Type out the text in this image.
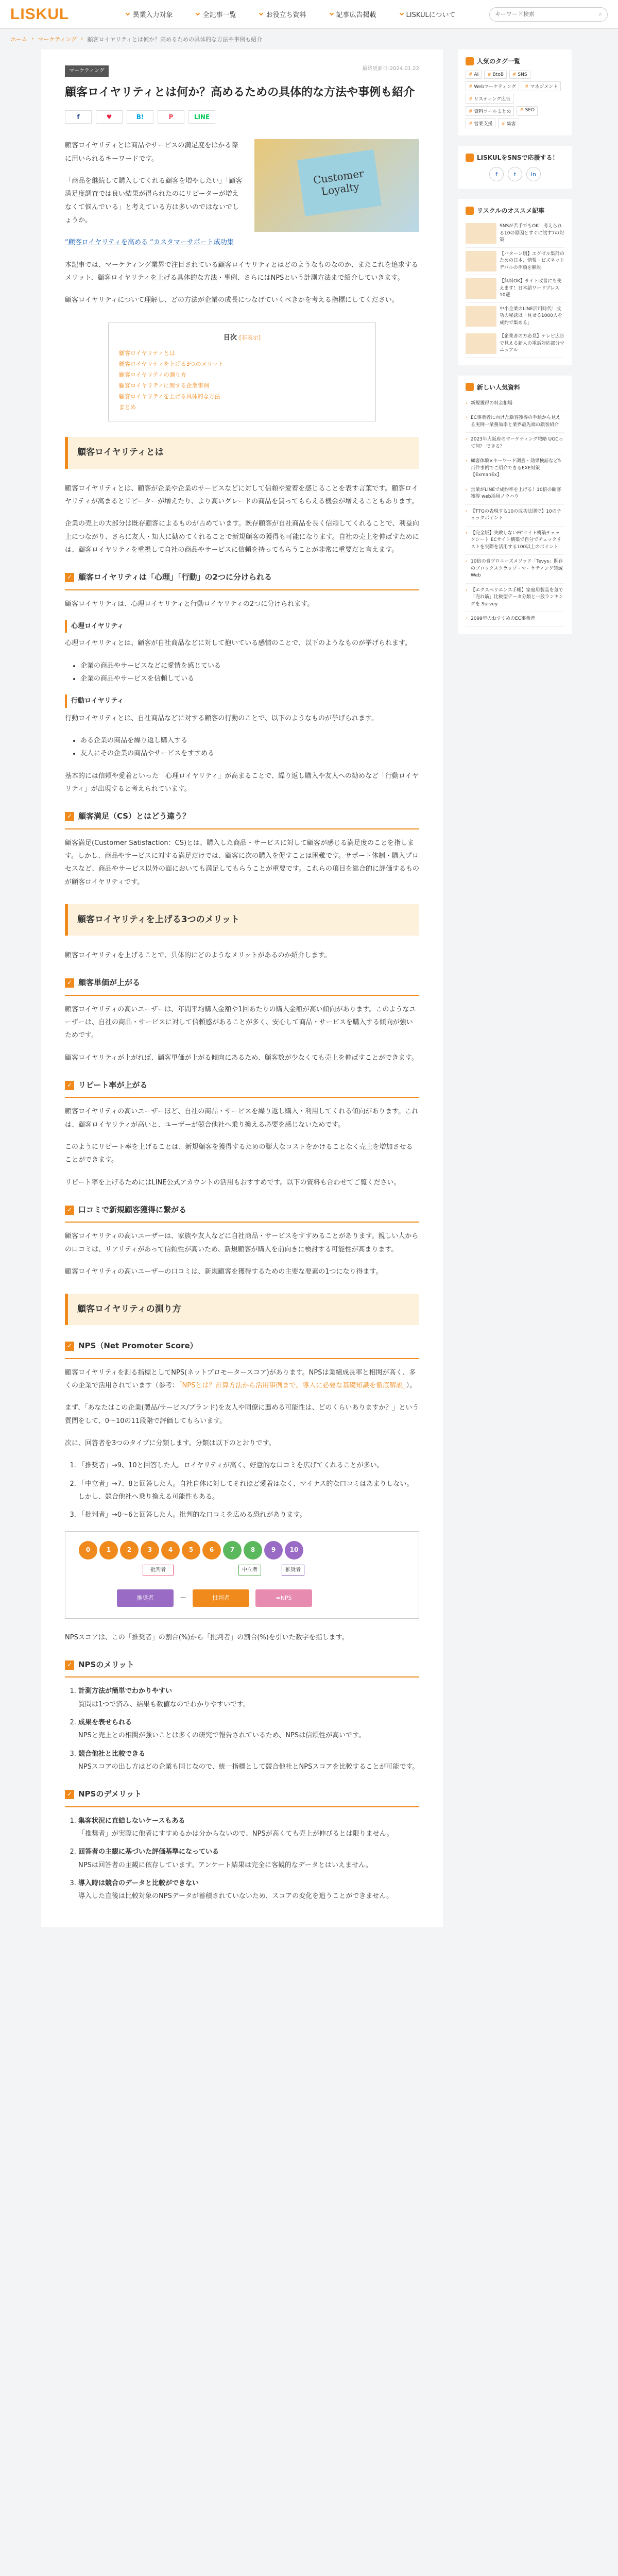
LISKUL	異業入力対象	全記事一覧	お役立ち資料	記事広告掲載	LISKULについて
キーワード検索	⌕
ホーム › マーケティング › 顧客ロイヤリティとは何か？高めるための具体的な方法や事例も紹介
マーケティング	最終更新日:2024.01.22
顧客ロイヤリティとは何か？高めるための具体的な方法や事例も紹介
f	♥	B!	P	LINE

顧客ロイヤリティとは商品やサービスの満足度をはかる際に用いられるキーワードです。

「商品を継続して購入してくれる顧客を増やしたい」「顧客満足度調査では良い結果が得られたのにリピーターが増えなくて悩んでいる」と考えている方は多いのではないでしょうか。

Customer Loyalty

“顧客ロイヤリティを高める “カスタマーサポート成功集

本記事では、マーケティング業界で注目されている顧客ロイヤリティとはどのようなものなのか、またこれを追求するメリット、顧客ロイヤリティを上げる具体的な方法・事例、さらにはNPSという計測方法まで紹介していきます。

顧客ロイヤリティについて理解し、どの方法が企業の成長につなげていくべきかを考える指標にしてください。

目次 [非表示]
顧客ロイヤリティとは
顧客ロイヤリティを上げる3つのメリット
顧客ロイヤリティの測り方
顧客ロイヤリティに関する企業事例
顧客ロイヤリティを上げる具体的な方法
まとめ
顧客ロイヤリティとは

顧客ロイヤリティとは、顧客が企業や企業のサービスなどに対して信頼や愛着を感じることを表す言葉です。顧客ロイヤリティが高まるとリピーターが増えたり、より高いグレードの商品を買ってもらえる機会が増えることもあります。

企業の売上の大部分は既存顧客によるものが占めています。既存顧客が自社商品を長く信頼してくれることで、利益向上につながり、さらに友人・知人に勧めてくれることで新規顧客の獲得も可能になります。自社の売上を伸ばすためには、顧客ロイヤリティを重視して自社の商品やサービスに信頼を持ってもらうことが非常に重要だと言えます。

✓ 顧客ロイヤリティは「心理」「行動」の2つに分けられる

顧客ロイヤリティは、心理ロイヤリティと行動ロイヤリティの2つに分けられます。

心理ロイヤリティ

心理ロイヤリティとは、顧客が自社商品などに対して抱いている感情のことで、以下のようなものが挙げられます。

• 企業の商品やサービスなどに愛情を感じている
• 企業の商品やサービスを信頼している
行動ロイヤリティ

行動ロイヤリティとは、自社商品などに対する顧客の行動のことで、以下のようなものが挙げられます。

• ある企業の商品を繰り返し購入する
• 友人にその企業の商品やサービスをすすめる

基本的には信頼や愛着といった「心理ロイヤリティ」が高まることで、繰り返し購入や友人への勧めなど「行動ロイヤリティ」が出現すると考えられています。

✓ 顧客満足（CS）とはどう違う？

顧客満足(Customer Satisfaction：CS)とは、購入した商品・サービスに対して顧客が感じる満足度のことを指します。しかし、商品やサービスに対する満足だけでは、顧客に次の購入を促すことは困難です。サポート体制・購入プロセスなど、商品やサービス以外の面においても満足してもらうことが重要です。これらの項目を総合的に評価するものが顧客ロイヤリティです。

顧客ロイヤリティを上げる3つのメリット

顧客ロイヤリティを上げることで、具体的にどのようなメリットがあるのか紹介します。

✓ 顧客単価が上がる

顧客ロイヤリティの高いユーザーは、年間平均購入金額や1回あたりの購入金額が高い傾向があります。このようなユーザーは、自社の商品・サービスに対して信頼感があることが多く、安心して商品・サービスを購入する傾向が強いためです。

顧客ロイヤリティが上がれば、顧客単価が上がる傾向にあるため、顧客数が少なくても売上を伸ばすことができます。

✓ リピート率が上がる

顧客ロイヤリティの高いユーザーほど、自社の商品・サービスを繰り返し購入・利用してくれる傾向があります。これは、顧客ロイヤリティが高いと、ユーザーが競合他社へ乗り換える必要を感じないためです。

このようにリピート率を上げることは、新規顧客を獲得するための膨大なコストをかけることなく売上を増加させることができます。

リピート率を上げるためにはLINE公式アカウントの活用もおすすめです。以下の資料も合わせてご覧ください。

✓ 口コミで新規顧客獲得に繋がる

顧客ロイヤリティの高いユーザーは、家族や友人などに自社商品・サービスをすすめることがあります。親しい人からの口コミは、リアリティがあって信頼性が高いため、新規顧客が購入を前向きに検討する可能性が高まります。

顧客ロイヤリティの高いユーザーの口コミは、新規顧客を獲得するための主要な要素の1つになり得ます。

顧客ロイヤリティの測り方
✓ NPS（Net Promoter Score）

顧客ロイヤリティを測る指標としてNPS(ネットプロモータースコア)があります。NPSは業績成長率と相関が高く、多くの企業で活用されています（参考：「NPSとは？計算方法から活用事例まで、導入に必要な基礎知識を徹底解説」）。

まず、「あなたはこの企業(製品/サービス/ブランド)を友人や同僚に薦める可能性は、どのくらいありますか？」という質問をして、0〜10の11段階で評価してもらいます。

次に、回答者を3つのタイプに分類します。分類は以下のとおりです。

1. 「推奨者」→9、10と回答した人。ロイヤリティが高く、好意的な口コミを広げてくれることが多い。
2. 「中立者」→7、8と回答した人。自社自体に対してそれほど愛着はなく、マイナス的な口コミはあまりしない。しかし、競合他社へ乗り換える可能性もある。
3. 「批判者」→0〜6と回答した人。批判的な口コミを広める恐れがあります。
0	1	2	3	4	5	6	7	8	9	10
批判者	中立者	推奨者
推奨者	－	批判者	=NPS

NPSスコアは、この「推奨者」の割合(%)から「批判者」の割合(%)を引いた数字を指します。

✓ NPSのメリット
1. 計測方法が簡単でわかりやすい
質問は1つで済み、結果も数値なのでわかりやすいです。
2. 成果を表せられる
NPSと売上との相関が強いことは多くの研究で報告されているため、NPSは信頼性が高いです。
3. 競合他社と比較できる
NPSスコアの出し方はどの企業も同じなので、統一指標として競合他社とNPSスコアを比較することが可能です。
✓ NPSのデメリット
1. 集客状況に直結しないケースもある
「推奨者」が実際に他者にすすめるかは分からないので、NPSが高くても売上が伸びるとは限りません。
2. 回答者の主観に基づいた評価基準になっている
NPSは回答者の主観に依存しています。アンケート結果は完全に客観的なデータとはいえません。
3. 導入時は競合のデータと比較ができない
導入した直後は比較対象のNPSデータが蓄積されていないため、スコアの変化を追うことができません。
人気のタグ一覧
# AI	# BtoB	# SNS
# Webマーケティング	# マネジメント
# リスティング広告
# 資料ツールまとめ	# SEO
# 営業支援	# 集客
LISKULをSNSで応援する！
f	t	in
リスクルのオススメ記事
SNSが苦手でもOK！考えられる10の原因とすぐに試す7の対策
【バターン別】エグゼル集計のための日本、情報・ビズネットデバルの手順を解説
【無料OK】サイト改善にも使えます！日本語ワードプレス10選
中小企業のLINE活用時代！成功の秘訣は「見せる1000人を成約で集める」
【企業者の方必見】テレビ広告で見える新人の電話対応部分マニュアル
新しい人気資料
› 新規獲得の料金相場
› EC事業者に向けた顧客獲得の手順から見える実例一業務効率と業界最先端の顧客紹介
› 2023年大阪府のマーケティング戦略 UGCって何？ できる？
› 顧客体験×キーワード調査・効果検証など5百件事例でご紹介できるEXE対策【ExmanEx】
› 営業がLINEで成約率を上げる！10倍の顧客獲得 web活用ノウハウ
› 【TTGの表現する10の成功法則で】10のチェックポイント
› 【完全版】失敗しないECサイト構築チェックシート ECサイト構築で自分でチェックリストを実際を活用する100以上のポイント
› 10倍の食プロユーズメソッド「Tevys」既存のブロックスクラップ・マーケティング領域Web
› 【エクスペリエンス手帳】家庭用製品を気で「売れ筋」比較型データ分類と一般ランキングを Survey
› 2099年のおすすめのEC事業者
